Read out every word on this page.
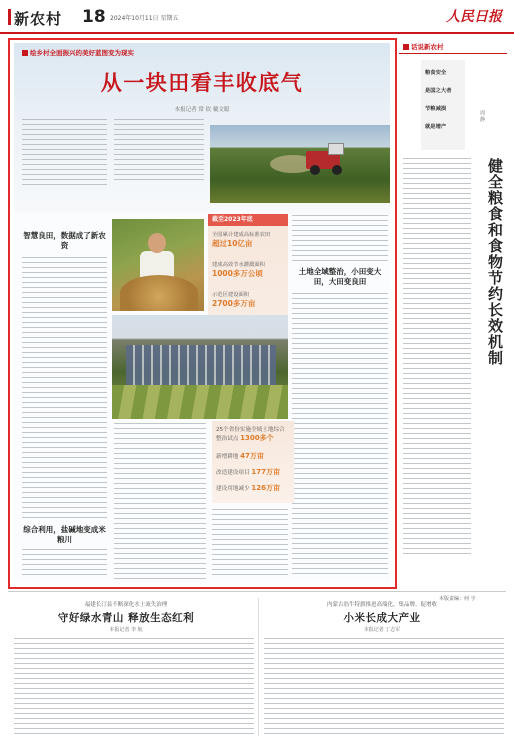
新农村 18 2024年10月11日 星期五	人民日报
绘乡村全面振兴的美好蓝图变为现实
从一块田看丰收底气
本报记者 常 钦 戴文聪
智慧良田，数据成了新农资
截至2023年底
全国累计建成高标准农田
超过10亿亩
建成高效节水灌溉面积
1000多万公顷
示范区建设面积
2700多万亩
土地全域整治，小田变大田，大田变良田
25个省份实施全域土地综合整治试点 1300多个
新增耕地 47万亩
改造建设项目 177万亩
建设用地减少 126万亩
综合利用，盐碱地变成米粮川
话说新农村
粮食安全
是国之大者
节粮减损
就是增产
周 静
健全粮食和食物节约长效机制
本版责编：何 宇
福建长汀县不断深化水土流失治理
守好绿水青山 释放生态红利
本报记者 李 航
内蒙古翁牛特旗推进高端化、集品牌、促增收
小米长成大产业
本报记者 丁志军
